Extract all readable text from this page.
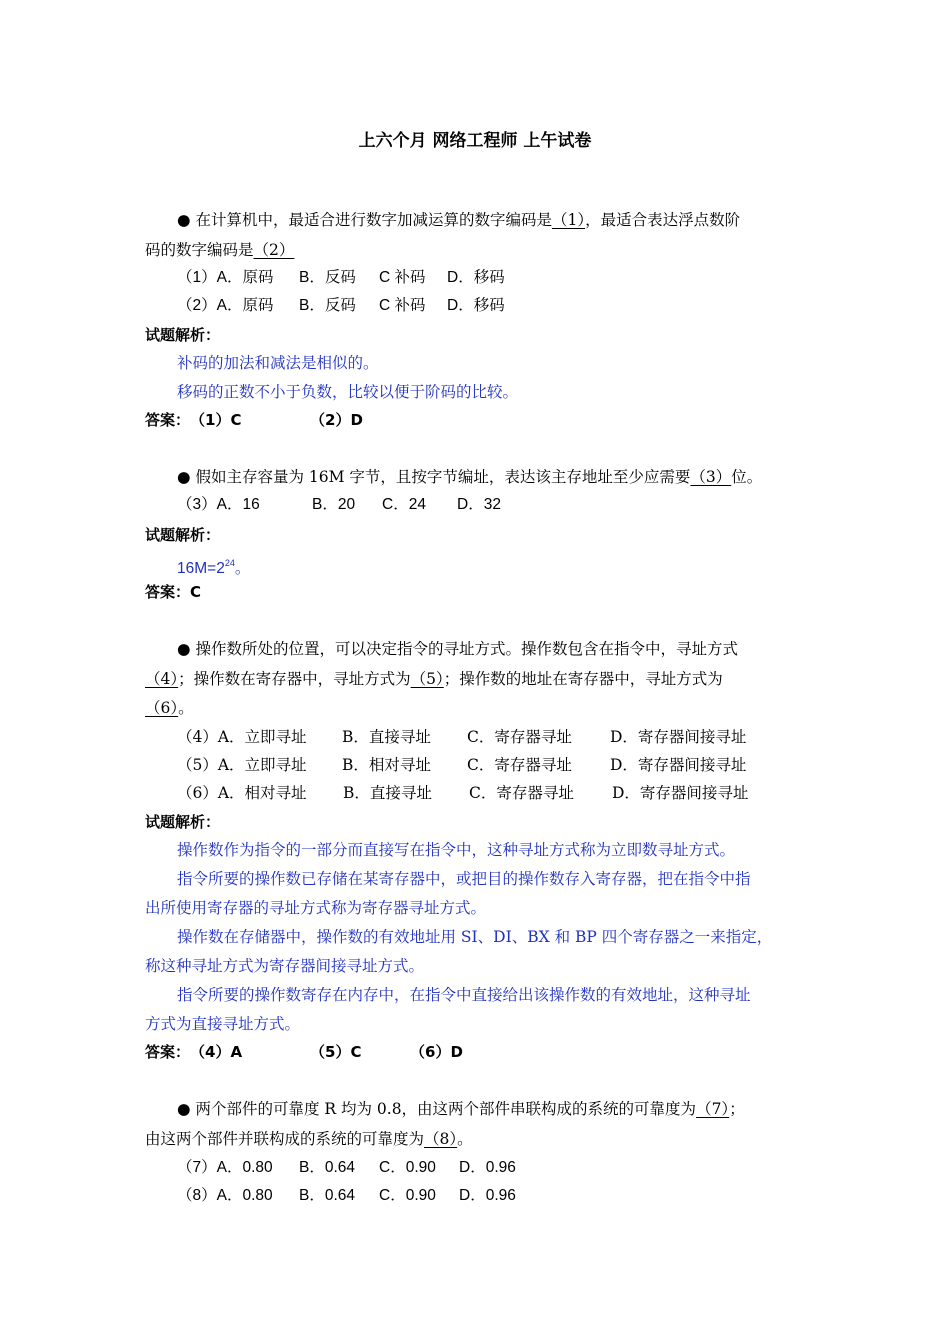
上六个月 网络工程师 上午试卷
● 在计算机中，最适合进行数字加减运算的数字编码是（1），最适合表达浮点数阶
码的数字编码是（2）
（1）A．原码 B．反码 C 补码 D．移码
（2）A．原码 B．反码 C 补码 D．移码
试题解析：
补码的加法和减法是相似的。
移码的正数不小于负数，比较以便于阶码的比较。
答案：（1）C	（2）D
● 假如主存容量为 16M 字节，且按字节编址，表达该主存地址至少应需要（3）位。
（3）A．16	B．20 C．24 D．32
试题解析：
$16M=2^{24}$。
答案：C
● 操作数所处的位置，可以决定指令的寻址方式。操作数包含在指令中，寻址方式
（4）；操作数在寄存器中，寻址方式为（5）；操作数的地址在寄存器中，寻址方式为
（6）。
（4）A．立即寻址 B．直接寻址 C．寄存器寻址 D．寄存器间接寻址
（5）A．立即寻址 B．相对寻址 C．寄存器寻址 D．寄存器间接寻址
（6）A．相对寻址 B．直接寻址 C．寄存器寻址 D．寄存器间接寻址
试题解析：
操作数作为指令的一部分而直接写在指令中，这种寻址方式称为立即数寻址方式。
指令所要的操作数已存储在某寄存器中，或把目的操作数存入寄存器，把在指令中指
出所使用寄存器的寻址方式称为寄存器寻址方式。
操作数在存储器中，操作数的有效地址用 SI、DI、BX 和 BP 四个寄存器之一来指定，
称这种寻址方式为寄存器间接寻址方式。
指令所要的操作数寄存在内存中，在指令中直接给出该操作数的有效地址，这种寻址
方式为直接寻址方式。
答案：（4）A	（5）C	（6）D
● 两个部件的可靠度 R 均为 0.8，由这两个部件串联构成的系统的可靠度为（7）；
由这两个部件并联构成的系统的可靠度为（8）。
（7）A．0.80 B．0.64 C．0.90 D．0.96
（8）A．0.80 B．0.64 C．0.90 D．0.96
